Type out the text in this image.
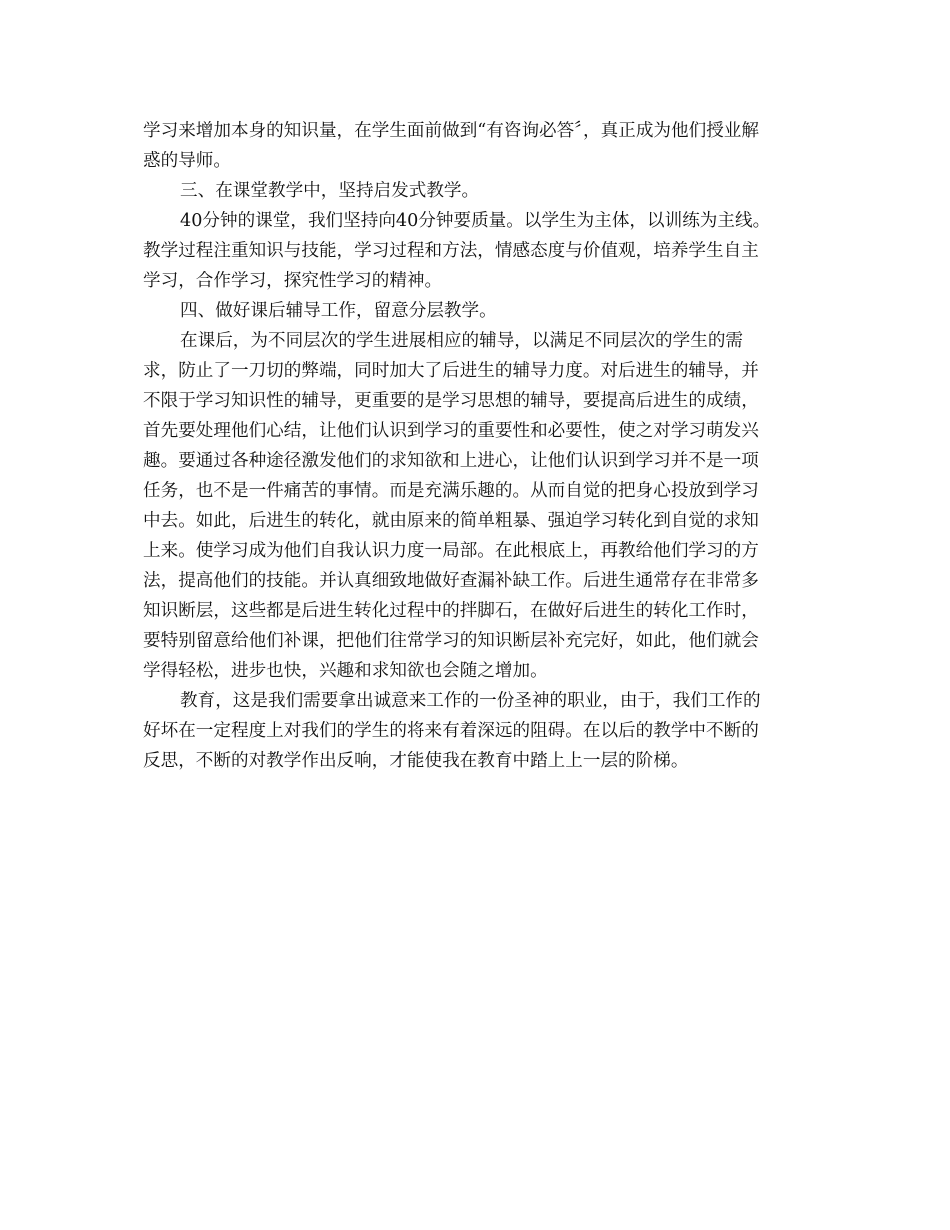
学习来增加本身的知识量，在学生面前做到“有咨询必答〞，真正成为他们授业解
惑的导师。
三、在课堂教学中，坚持启发式教学。
40分钟的课堂，我们坚持向40分钟要质量。以学生为主体，以训练为主线。
教学过程注重知识与技能，学习过程和方法，情感态度与价值观，培养学生自主
学习，合作学习，探究性学习的精神。
四、做好课后辅导工作，留意分层教学。
在课后，为不同层次的学生进展相应的辅导，以满足不同层次的学生的需
求，防止了一刀切的弊端，同时加大了后进生的辅导力度。对后进生的辅导，并
不限于学习知识性的辅导，更重要的是学习思想的辅导，要提高后进生的成绩，
首先要处理他们心结，让他们认识到学习的重要性和必要性，使之对学习萌发兴
趣。要通过各种途径激发他们的求知欲和上进心，让他们认识到学习并不是一项
任务，也不是一件痛苦的事情。而是充满乐趣的。从而自觉的把身心投放到学习
中去。如此，后进生的转化，就由原来的简单粗暴、强迫学习转化到自觉的求知
上来。使学习成为他们自我认识力度一局部。在此根底上，再教给他们学习的方
法，提高他们的技能。并认真细致地做好查漏补缺工作。后进生通常存在非常多
知识断层，这些都是后进生转化过程中的拌脚石，在做好后进生的转化工作时，
要特别留意给他们补课，把他们往常学习的知识断层补充完好，如此，他们就会
学得轻松，进步也快，兴趣和求知欲也会随之增加。
教育，这是我们需要拿出诚意来工作的一份圣神的职业，由于，我们工作的
好坏在一定程度上对我们的学生的将来有着深远的阻碍。在以后的教学中不断的
反思，不断的对教学作出反响，才能使我在教育中踏上上一层的阶梯。
